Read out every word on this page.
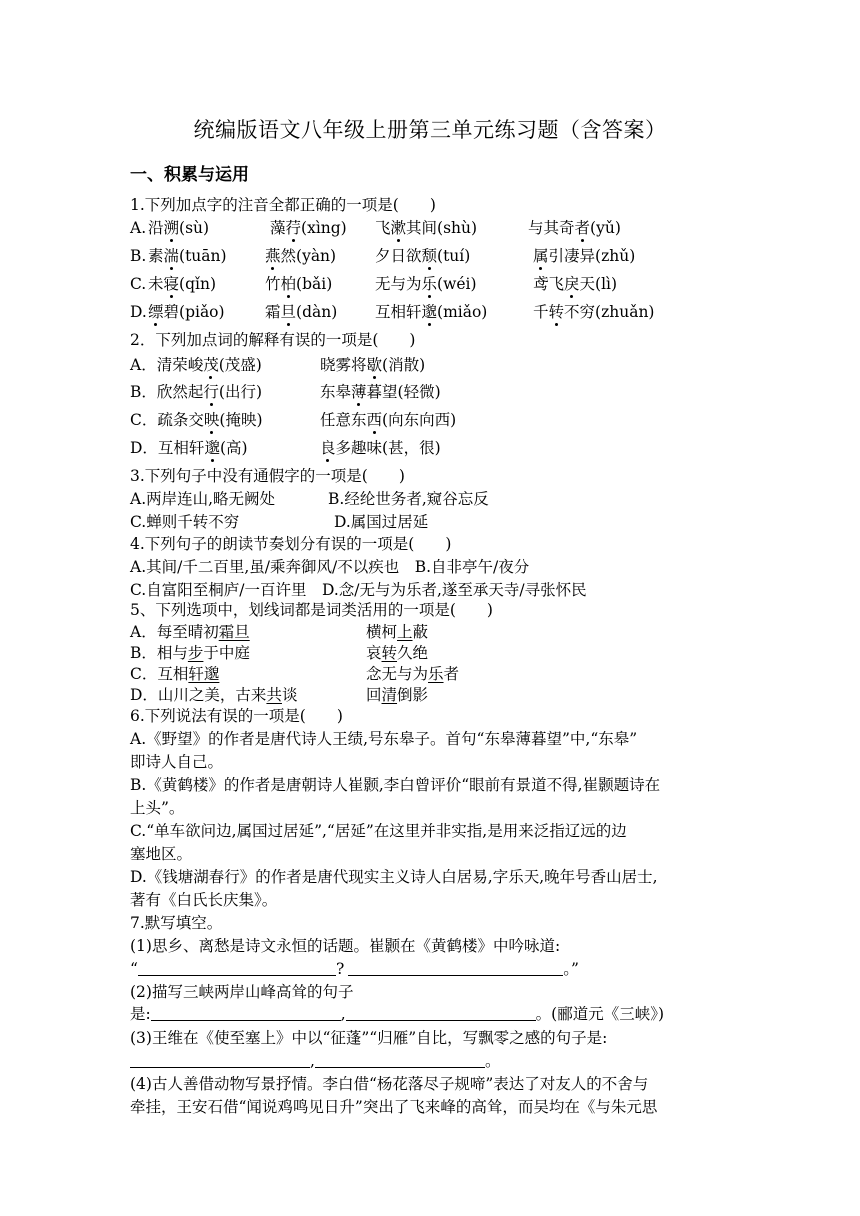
统编版语文八年级上册第三单元练习题（含答案）
一、积累与运用
1.下列加点字的注音全都正确的一项是(　　)
A. 沿溯(sù)	藻荇(xìng) 飞漱其间(shù)	与其奇者(yǔ)
B. 素湍(tuān) 燕然(yàn)	夕日欲颓(tuí)	属引凄异(zhǔ)
C. 未寝(qǐn)	竹柏(bǎi)	无与为乐(wéi)	鸢飞戾天(lì)
D. 缥碧(piǎo)	霜旦(dàn) 互相轩邈(miǎo)	千转不穷(zhuǎn)
2．下列加点词的解释有误的一项是(　　)
A．清荣峻茂(茂盛)	晓雾将歇(消散)
B．欣然起行(出行)	东皋薄暮望(轻微)
C．疏条交映(掩映)	任意东西(向东向西)
D．互相轩邈(高)	良多趣味(甚，很)
3.下列句子中没有通假字的一项是(　　)
A.两岸连山,略无阙处	B.经纶世务者,窥谷忘反
C.蝉则千转不穷	D.属国过居延
4.下列句子的朗读节奏划分有误的一项是(　　)
A.其间/千二百里,虽/乘奔御风/不以疾也　B.自非亭午/夜分
C.自富阳至桐庐/一百许里　D.念/无与为乐者,遂至承天寺/寻张怀民
5、下列选项中，划线词都是词类活用的一项是(　　)
A．每至晴初霜旦	横柯上蔽
B．相与步于中庭	哀转久绝
C．互相轩邈	念无与为乐者
D．山川之美，古来共谈	回清倒影
6.下列说法有误的一项是(　　)
A.《野望》的作者是唐代诗人王绩,号东皋子。首句“东皋薄暮望”中,“东皋”
即诗人自己。
B.《黄鹤楼》的作者是唐朝诗人崔颢,李白曾评价“眼前有景道不得,崔颢题诗在
上头”。
C.“单车欲问边,属国过居延”,“居延”在这里并非实指,是用来泛指辽远的边
塞地区。
D.《钱塘湖春行》的作者是唐代现实主义诗人白居易,字乐天,晚年号香山居士,
著有《白氏长庆集》。
7.默写填空。
(1)思乡、离愁是诗文永恒的话题。崔颢在《黄鹤楼》中吟咏道:
“	?	。”
(2)描写三峡两岸山峰高耸的句子
是:	,	。(郦道元《三峡》)
(3)王维在《使至塞上》中以“征蓬”“归雁”自比，写飘零之感的句子是:
,	。
(4)古人善借动物写景抒情。李白借“杨花落尽子规啼”表达了对友人的不舍与
牵挂，王安石借“闻说鸡鸣见日升”突出了飞来峰的高耸，而吴均在《与朱元思
